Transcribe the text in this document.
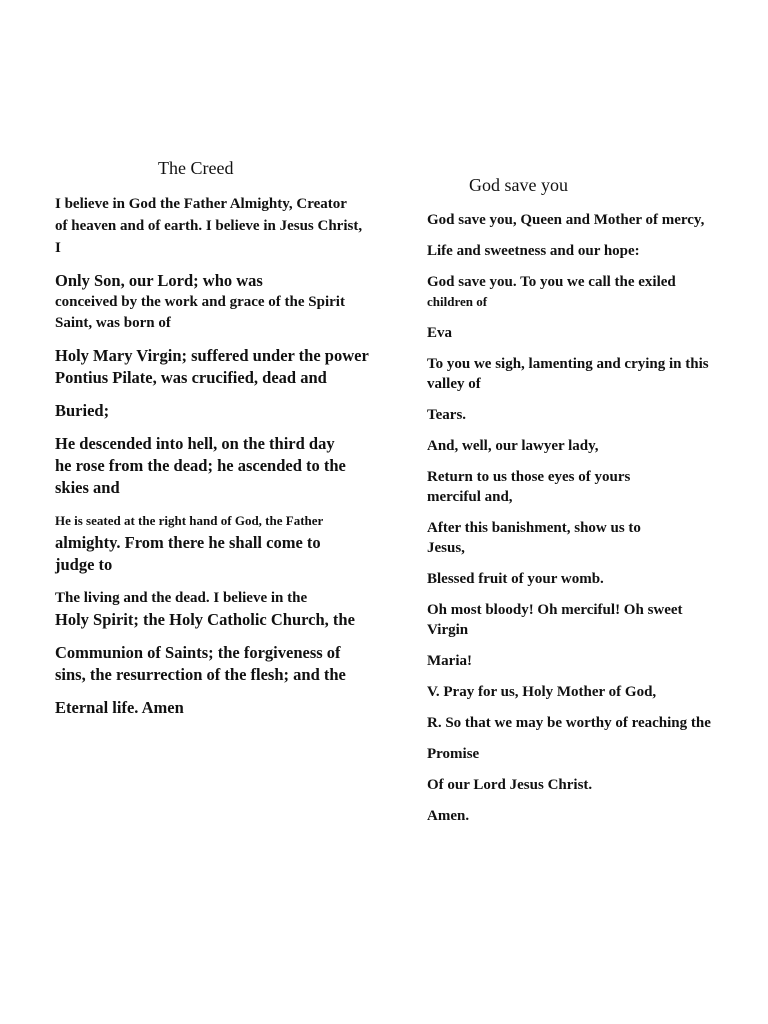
The Creed

I believe in God the Father Almighty, Creator
of heaven and of earth. I believe in Jesus Christ,
I

Only Son, our Lord; who was
conceived by the work and grace of the Spirit
Saint, was born of

Holy Mary Virgin; suffered under the power
Pontius Pilate, was crucified, dead and

Buried;

He descended into hell, on the third day
he rose from the dead; he ascended to the
skies and

He is seated at the right hand of God, the Father
almighty. From there he shall come to
judge to

The living and the dead. I believe in the
Holy Spirit; the Holy Catholic Church, the

Communion of Saints; the forgiveness of
sins, the resurrection of the flesh; and the

Eternal life. Amen

God save you

God save you, Queen and Mother of mercy,

Life and sweetness and our hope:

God save you. To you we call the exiled
children of

Eva

To you we sigh, lamenting and crying in this
valley of

Tears.

And, well, our lawyer lady,

Return to us those eyes of yours
merciful and,

After this banishment, show us to
Jesus,

Blessed fruit of your womb.

Oh most bloody! Oh merciful! Oh sweet
Virgin

Maria!

V. Pray for us, Holy Mother of God,

R. So that we may be worthy of reaching the

Promise

Of our Lord Jesus Christ.

Amen.
